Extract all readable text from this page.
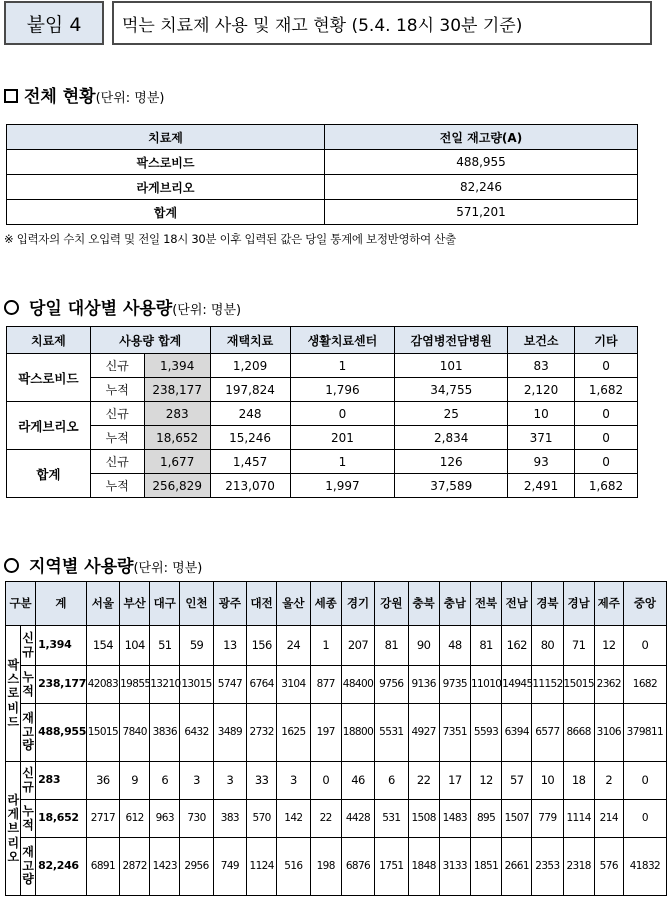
붙임 4	먹는 치료제 사용 및 재고 현황 (5.4. 18시 30분 기준)
전체 현황 (단위: 명분)
치료제	전일 재고량(A)
팍스로비드	488,955
라게브리오	82,246
합계	571,201
※ 입력자의 수치 오입력 및 전일 18시 30분 이후 입력된 값은 당일 통계에 보정반영하여 산출
당일 대상별 사용량 (단위: 명분)
치료제	사용량 합계		재택치료	생활치료센터	감염병전담병원	보건소	기타
팍스로비드	신규	1,394	1,209	1	101	83	0
	누적	238,177	197,824	1,796	34,755	2,120	1,682
라게브리오	신규	283	248	0	25	10	0
	누적	18,652	15,246	201	2,834	371	0
합계	신규	1,677	1,457	1	126	93	0
	누적	256,829	213,070	1,997	37,589	2,491	1,682
지역별 사용량 (단위: 명분)
구분		계	서울	부산	대구	인천	광주	대전	울산	세종	경기	강원	충북	충남	전북	전남	경북	경남	제주	중앙
팍스로비드	신규	1,394	154	104	51	59	13	156	24	1	207	81	90	48	81	162	80	71	12	0
	누적	238,177	42083	19855	13210	13015	5747	6764	3104	877	48400	9756	9136	9735	11010	14945	11152	15015	2362	1682
	재고량	488,955	15015	7840	3836	6432	3489	2732	1625	197	18800	5531	4927	7351	5593	6394	6577	8668	3106	379811
라게브리오	신규	283	36	9	6	3	3	33	3	0	46	6	22	17	12	57	10	18	2	0
	누적	18,652	2717	612	963	730	383	570	142	22	4428	531	1508	1483	895	1507	779	1114	214	0
	재고량	82,246	6891	2872	1423	2956	749	1124	516	198	6876	1751	1848	3133	1851	2661	2353	2318	576	41832
